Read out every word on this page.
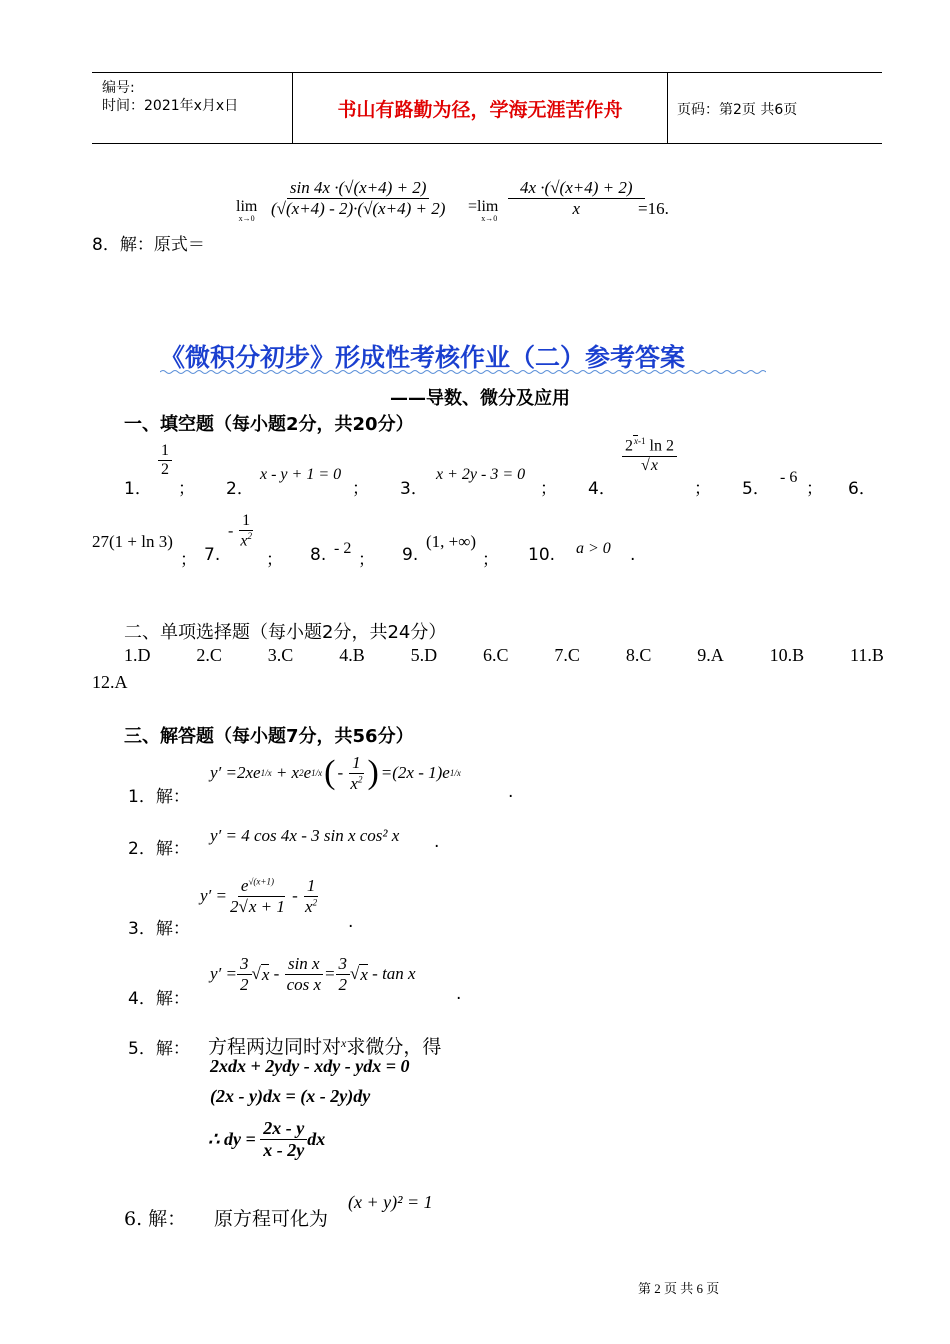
编号:
时间：2021年x月x日	书山有路勤为径，学海无涯苦作舟	页码：第2页 共6页
8．解：原式＝
lim
x→0
$\frac{\sin 4x \cdot(√(x+4) + 2)}{(√(x+4) - 2)\cdot(√(x+4) + 2)} =\lim$
x→0
$\frac{4x \cdot(√(x+4) + 2)}{x}$
=16.
《微积分初步》形成性考核作业（二）参考答案
——导数、微分及应用
一、填空题（每小题2分，共20分）
1．
$\frac{1}{2}$
； 2．
x - y + 1 = 0
； 3．
x + 2y - 3 = 0
； 4．
$\frac{2^{x-1} \ln 2}{√x}$
； 5．
- 6
； 6．
27(1 + ln 3)
； 7.
- $\frac{1}{x^2}$
； 8. - 2
； 9.
(1, +∞)
； 10. a > 0 .
二、单项选择题（每小题2分，共24分）
1.D	2.C	3.C	4.B	5.D	6.C	7.C	8.C	9.A	10.B	11.B
12.A
三、解答题（每小题7分，共56分）
1．解：
y′ =2xe 1/x + x 2 e 1/x ( - $\frac{1}{x^2}$ ) =(2x - 1)e 1/x
.
2．解：
y′ = 4 cos 4x - 3 sin x cos² x .
3．解：
$y' = \frac{e^{√(x+1)}}{2√x + 1} - \frac{1}{x^2}$
.
4．解：
$y' = \frac{3}{2}$ √ $x - \frac{\text{sin x}}{\text{cos x}} = \frac{3}{2}$ √ x - tan x
.
5．解： 方程两边同时对$^x$求微分，得
2xdx + 2ydy - xdy - ydx = 0
(2x - y)dx = (x - 2y)dy
∴ dy = $\frac{2x - y}{x - 2y}$ dx
6. 解： 原方程可化为
(x + y)² = 1
第 2 页 共 6 页
